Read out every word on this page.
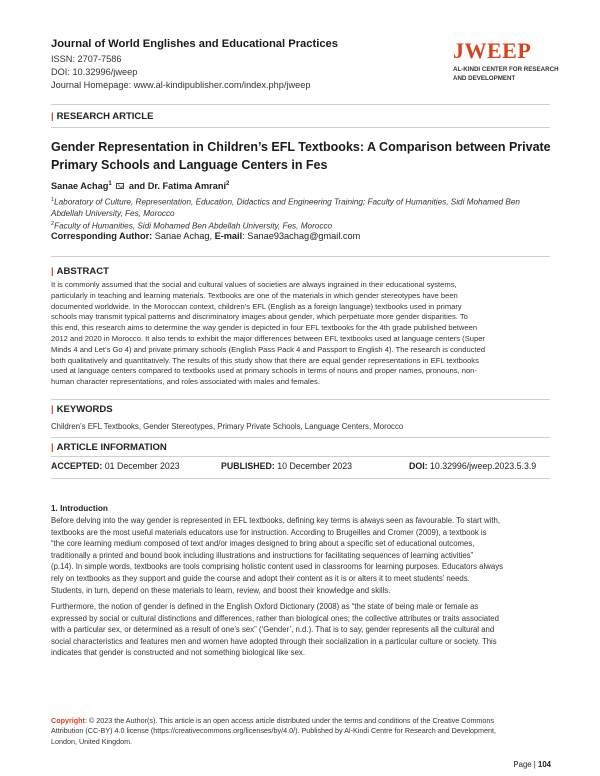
Journal of World Englishes and Educational Practices
ISSN: 2707-7586
DOI: 10.32996/jweep
Journal Homepage: www.al-kindipublisher.com/index.php/jweep
JWEEP
AL-KINDI CENTER FOR RESEARCH
AND DEVELOPMENT
| RESEARCH ARTICLE
Gender Representation in Children’s EFL Textbooks: A Comparison between Private
Primary Schools and Language Centers in Fes
Sanae Achag$^1$ and Dr. Fatima Amrani$^2$
$^1$Laboratory of Culture, Representation, Education, Didactics and Engineering Training; Faculty of Humanities, Sidi Mohamed Ben
Abdellah University, Fes, Morocco
$^2$Faculty of Humanities, Sidi Mohamed Ben Abdellah University, Fes, Morocco
Corresponding Author: Sanae Achag, E-mail: Sanae93achag@gmail.com
| ABSTRACT
It is commonly assumed that the social and cultural values of societies are always ingrained in their educational systems,
particularly in teaching and learning materials. Textbooks are one of the materials in which gender stereotypes have been
documented worldwide. In the Moroccan context, children’s EFL (English as a foreign language) textbooks used in primary
schools may transmit typical patterns and discriminatory images about gender, which perpetuate more gender disparities. To
this end, this research aims to determine the way gender is depicted in four EFL textbooks for the 4th grade published between
2012 and 2020 in Morocco. It also tends to exhibit the major differences between EFL textbooks used at language centers (Super
Minds 4 and Let’s Go 4) and private primary schools (English Pass Pack 4 and Passport to English 4). The research is conducted
both qualitatively and quantitatively. The results of this study show that there are equal gender representations in EFL textbooks
used at language centers compared to textbooks used at primary schools in terms of nouns and proper names, pronouns, non-
human character representations, and roles associated with males and females.
| KEYWORDS
Children’s EFL Textbooks, Gender Stereotypes, Primary Private Schools, Language Centers, Morocco
| ARTICLE INFORMATION
ACCEPTED: 01 December 2023	PUBLISHED: 10 December 2023	DOI: 10.32996/jweep.2023.5.3.9
1. Introduction
Before delving into the way gender is represented in EFL textbooks, defining key terms is always seen as favourable. To start with,
textbooks are the most useful materials educators use for instruction. According to Brugeilles and Cromer (2009), a textbook is
“the core learning medium composed of text and/or images designed to bring about a specific set of educational outcomes,
traditionally a printed and bound book including illustrations and instructions for facilitating sequences of learning activities”
(p.14). In simple words, textbooks are tools comprising holistic content used in classrooms for learning purposes. Educators always
rely on textbooks as they support and guide the course and adopt their content as it is or alters it to meet students’ needs.
Students, in turn, depend on these materials to learn, review, and boost their knowledge and skills.
Furthermore, the notion of gender is defined in the English Oxford Dictionary (2008) as “the state of being male or female as
expressed by social or cultural distinctions and differences, rather than biological ones; the collective attributes or traits associated
with a particular sex, or determined as a result of one’s sex” (‘Gender’, n.d.). That is to say, gender represents all the cultural and
social characteristics and features men and women have adopted through their socialization in a particular culture or society. This
indicates that gender is constructed and not something biological like sex.
Copyright: © 2023 the Author(s). This article is an open access article distributed under the terms and conditions of the Creative Commons
Attribution (CC-BY) 4.0 license (https://creativecommons.org/licenses/by/4.0/). Published by Al-Kindi Centre for Research and Development,
London, United Kingdom.
Page | 104
